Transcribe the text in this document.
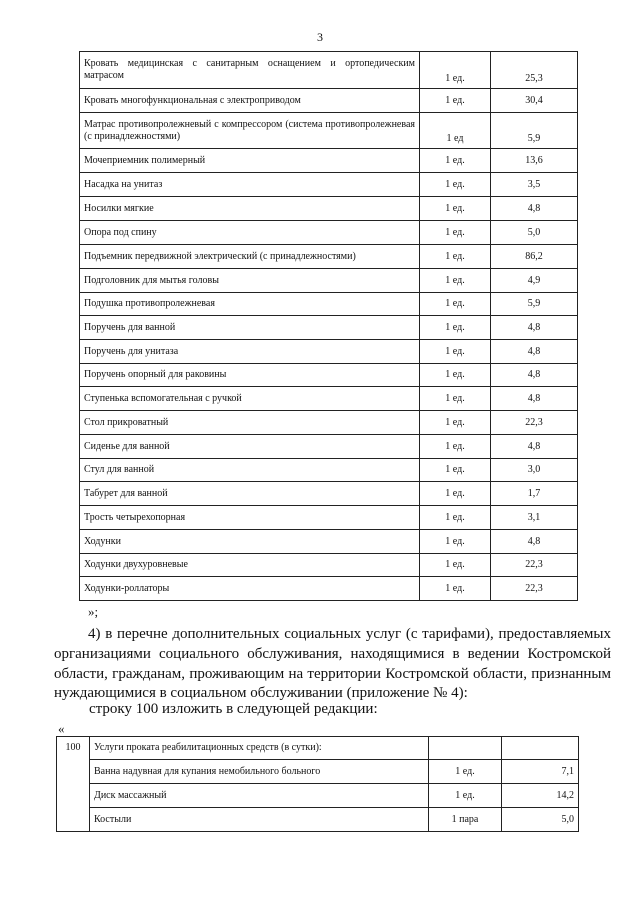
3
Кровать медицинская с санитарным оснащением и ортопедическим матрасом	1 ед.	25,3
Кровать многофункциональная с электроприводом	1 ед.	30,4
Матрас противопролежневый с компрессором (система противопролежневая (с принадлежностями)	1 ед	5,9
Мочеприемник полимерный	1 ед.	13,6
Насадка на унитаз	1 ед.	3,5
Носилки мягкие	1 ед.	4,8
Опора под спину	1 ед.	5,0
Подъемник передвижной электрический (с принадлежностями)	1 ед.	86,2
Подголовник для мытья головы	1 ед.	4,9
Подушка противопролежневая	1 ед.	5,9
Поручень для ванной	1 ед.	4,8
Поручень для унитаза	1 ед.	4,8
Поручень опорный для раковины	1 ед.	4,8
Ступенька вспомогательная с ручкой	1 ед.	4,8
Стол прикроватный	1 ед.	22,3
Сиденье для ванной	1 ед.	4,8
Стул для ванной	1 ед.	3,0
Табурет для ванной	1 ед.	1,7
Трость четырехопорная	1 ед.	3,1
Ходунки	1 ед.	4,8
Ходунки двухуровневые	1 ед.	22,3
Ходунки-роллаторы	1 ед.	22,3
»;
4) в перечне дополнительных социальных услуг (с тарифами), предоставляемых организациями социального обслуживания, находящимися в ведении Костромской области, гражданам, проживающим на территории Костромской области, признанным нуждающимися в социальном обслуживании (приложение № 4):
строку 100 изложить в следующей редакции:
«
100	Услуги проката реабилитационных средств (в сутки):		
	Ванна надувная для купания немобильного больного	1 ед.	7,1
	Диск массажный	1 ед.	14,2
	Костыли	1 пара	5,0
